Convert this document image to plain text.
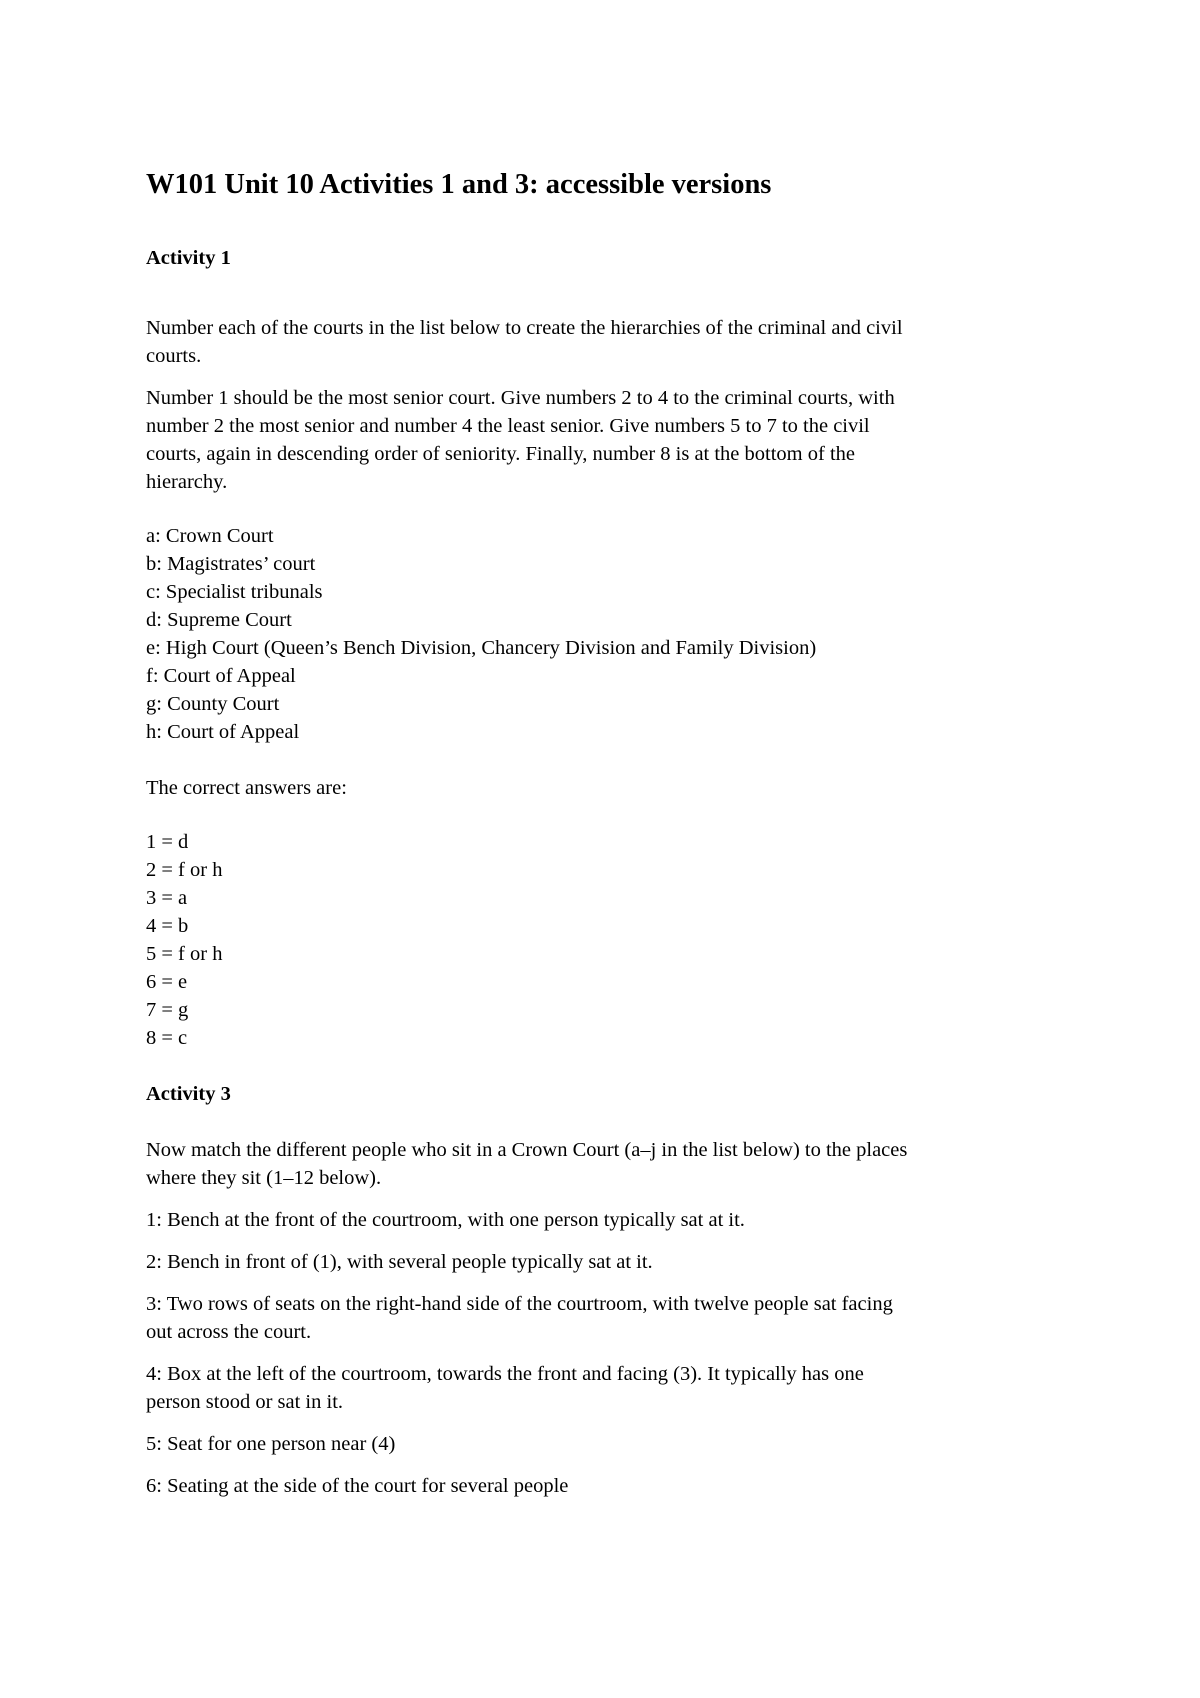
W101 Unit 10 Activities 1 and 3: accessible versions
Activity 1

Number each of the courts in the list below to create the hierarchies of the criminal and civil
courts.

Number 1 should be the most senior court. Give numbers 2 to 4 to the criminal courts, with
number 2 the most senior and number 4 the least senior. Give numbers 5 to 7 to the civil
courts, again in descending order of seniority. Finally, number 8 is at the bottom of the
hierarchy.

a: Crown Court
b: Magistrates’ court
c: Specialist tribunals
d: Supreme Court
e: High Court (Queen’s Bench Division, Chancery Division and Family Division)
f: Court of Appeal
g: County Court
h: Court of Appeal

The correct answers are:

1 = d
2 = f or h
3 = a
4 = b
5 = f or h
6 = e
7 = g
8 = c
Activity 3

Now match the different people who sit in a Crown Court (a–j in the list below) to the places
where they sit (1–12 below).

1: Bench at the front of the courtroom, with one person typically sat at it.

2: Bench in front of (1), with several people typically sat at it.

3: Two rows of seats on the right-hand side of the courtroom, with twelve people sat facing
out across the court.

4: Box at the left of the courtroom, towards the front and facing (3). It typically has one
person stood or sat in it.

5: Seat for one person near (4)

6: Seating at the side of the court for several people
